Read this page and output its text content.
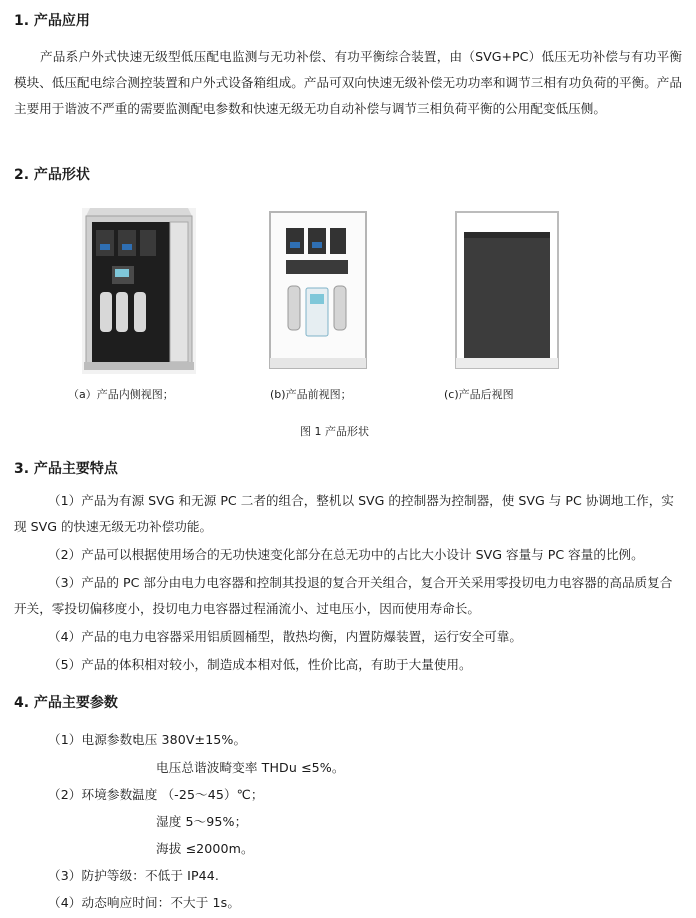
1. 产品应用

产品系户外式快速无级型低压配电监测与无功补偿、有功平衡综合装置，由（SVG+PC）低压无功补偿与有功平衡模块、低压配电综合测控装置和户外式设备箱组成。产品可双向快速无级补偿无功功率和调节三相有功负荷的平衡。产品主要用于谐波不严重的需要监测配电参数和快速无级无功自动补偿与调节三相负荷平衡的公用配变低压侧。

2. 产品形状

（a）产品内侧视图；	(b)产品前视图；	(c)产品后视图
图 1 产品形状

3. 产品主要特点

（1）产品为有源 SVG 和无源 PC 二者的组合，整机以 SVG 的控制器为控制器，使 SVG 与 PC 协调地工作，实现 SVG 的快速无级无功补偿功能。

（2）产品可以根据使用场合的无功快速变化部分在总无功中的占比大小设计 SVG 容量与 PC 容量的比例。

（3）产品的 PC 部分由电力电容器和控制其投退的复合开关组合，复合开关采用零投切电力电容器的高品质复合开关，零投切偏移度小，投切电力电容器过程涌流小、过电压小，因而使用寿命长。

（4）产品的电力电容器采用铝质圆桶型，散热均衡，内置防爆装置，运行安全可靠。

（5）产品的体积相对较小，制造成本相对低，性价比高，有助于大量使用。

4. 产品主要参数

（1）电源参数：电压 380V±15%。

电压总谐波畸变率 THDu ≤5%。

（2）环境参数：温度 （-25～45）℃；

湿度 5～95%；

海拔 ≤2000m。

（3）防护等级：不低于 IP44.

（4）动态响应时间：不大于 1s。
